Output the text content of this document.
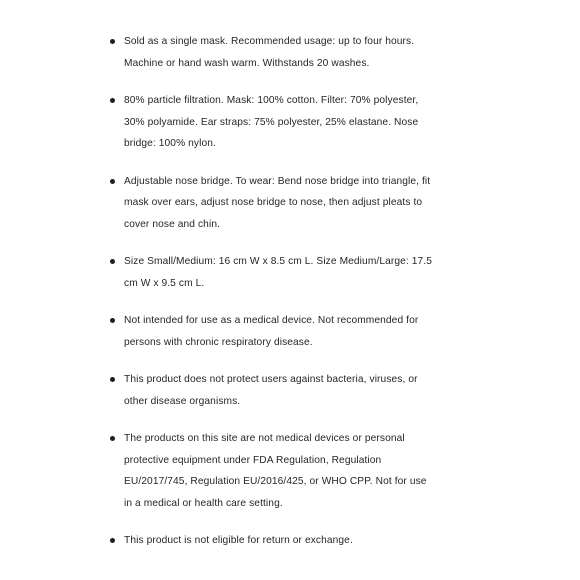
Sold as a single mask. Recommended usage: up to four hours. Machine or hand wash warm. Withstands 20 washes.
80% particle filtration. Mask: 100% cotton. Filter: 70% polyester, 30% polyamide. Ear straps: 75% polyester, 25% elastane. Nose bridge: 100% nylon.
Adjustable nose bridge. To wear: Bend nose bridge into triangle, fit mask over ears, adjust nose bridge to nose, then adjust pleats to cover nose and chin.
Size Small/Medium: 16 cm W x 8.5 cm L. Size Medium/Large: 17.5 cm W x 9.5 cm L.
Not intended for use as a medical device. Not recommended for persons with chronic respiratory disease.
This product does not protect users against bacteria, viruses, or other disease organisms.
The products on this site are not medical devices or personal protective equipment under FDA Regulation, Regulation EU/2017/745, Regulation EU/2016/425, or WHO CPP. Not for use in a medical or health care setting.
This product is not eligible for return or exchange.
